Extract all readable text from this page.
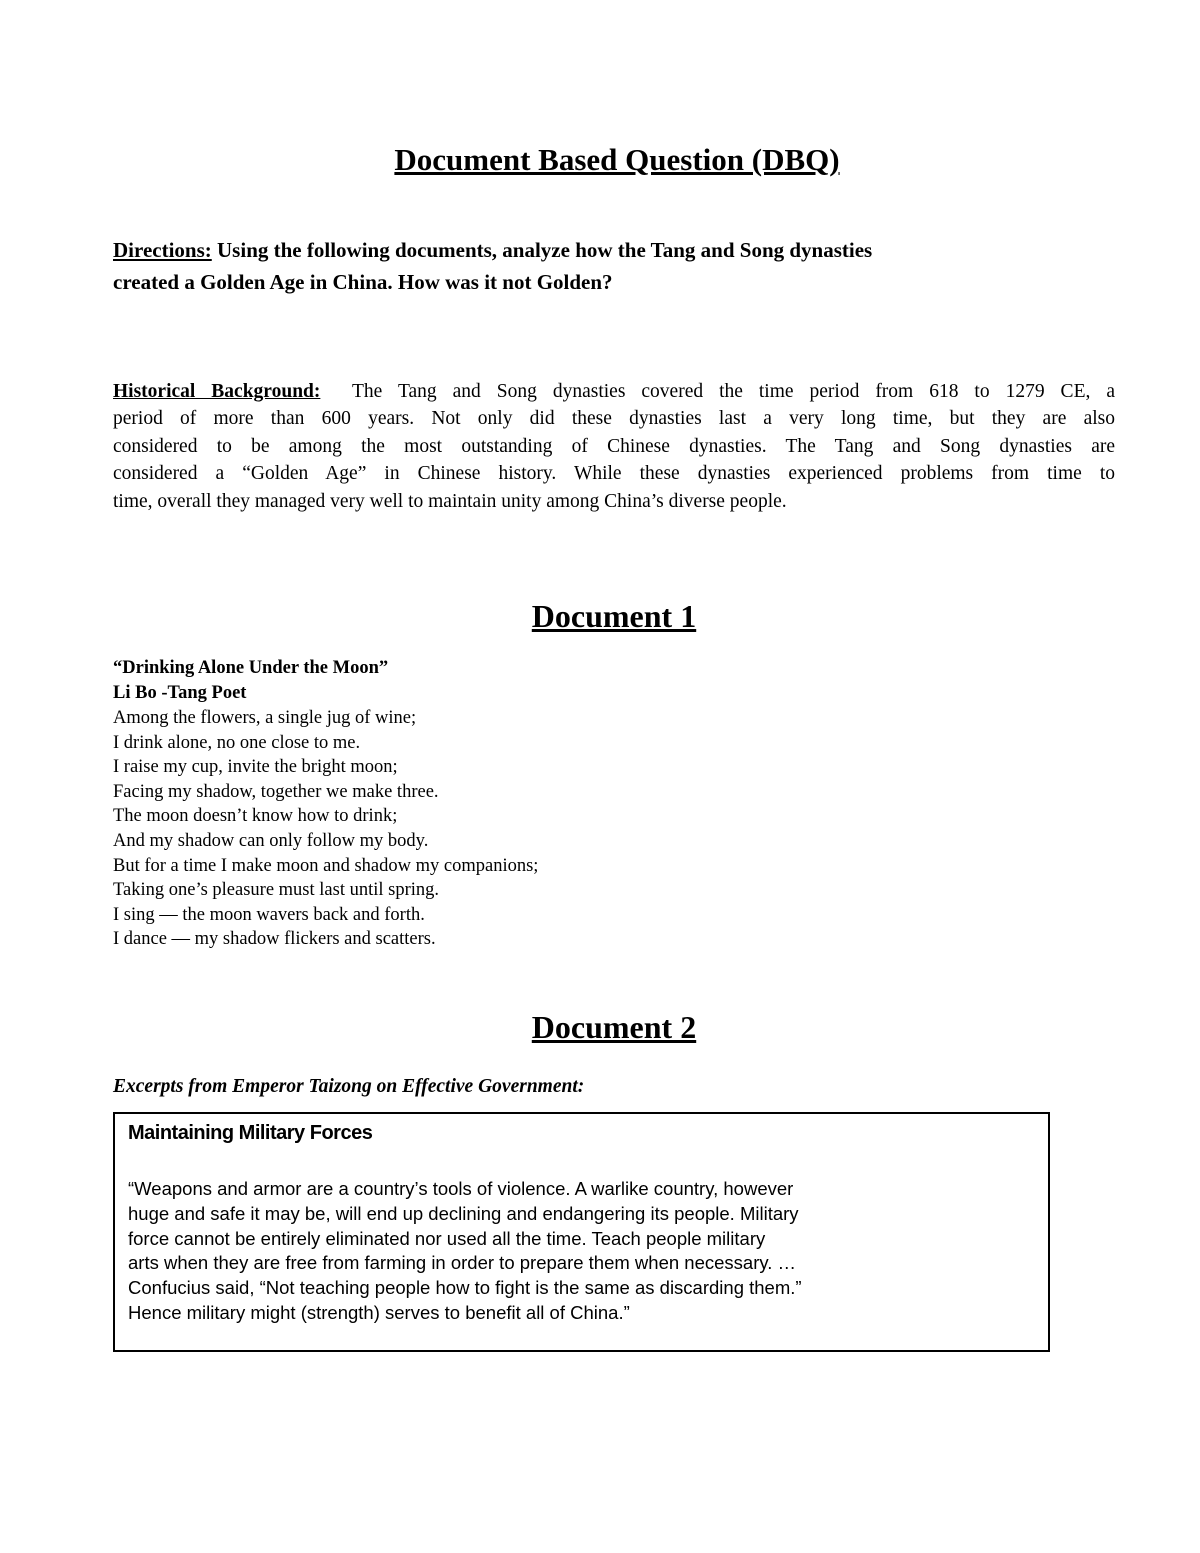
Document Based Question (DBQ)
Directions: Using the following documents, analyze how the Tang and Song dynasties
created a Golden Age in China. How was it not Golden?
Historical Background: The Tang and Song dynasties covered the time period from 618 to 1279 CE, a
period of more than 600 years. Not only did these dynasties last a very long time, but they are also
considered to be among the most outstanding of Chinese dynasties. The Tang and Song dynasties are
considered a “Golden Age” in Chinese history. While these dynasties experienced problems from time to
time, overall they managed very well to maintain unity among China’s diverse people.
Document 1
“Drinking Alone Under the Moon”
Li Bo -Tang Poet
Among the flowers, a single jug of wine;
I drink alone, no one close to me.
I raise my cup, invite the bright moon;
Facing my shadow, together we make three.
The moon doesn’t know how to drink;
And my shadow can only follow my body.
But for a time I make moon and shadow my companions;
Taking one’s pleasure must last until spring.
I sing — the moon wavers back and forth.
I dance — my shadow flickers and scatters.
Document 2
Excerpts from Emperor Taizong on Effective Government:
Maintaining Military Forces
“Weapons and armor are a country’s tools of violence. A warlike country, however
huge and safe it may be, will end up declining and endangering its people. Military
force cannot be entirely eliminated nor used all the time. Teach people military
arts when they are free from farming in order to prepare them when necessary. …
Confucius said, “Not teaching people how to fight is the same as discarding them.”
Hence military might (strength) serves to benefit all of China.”
